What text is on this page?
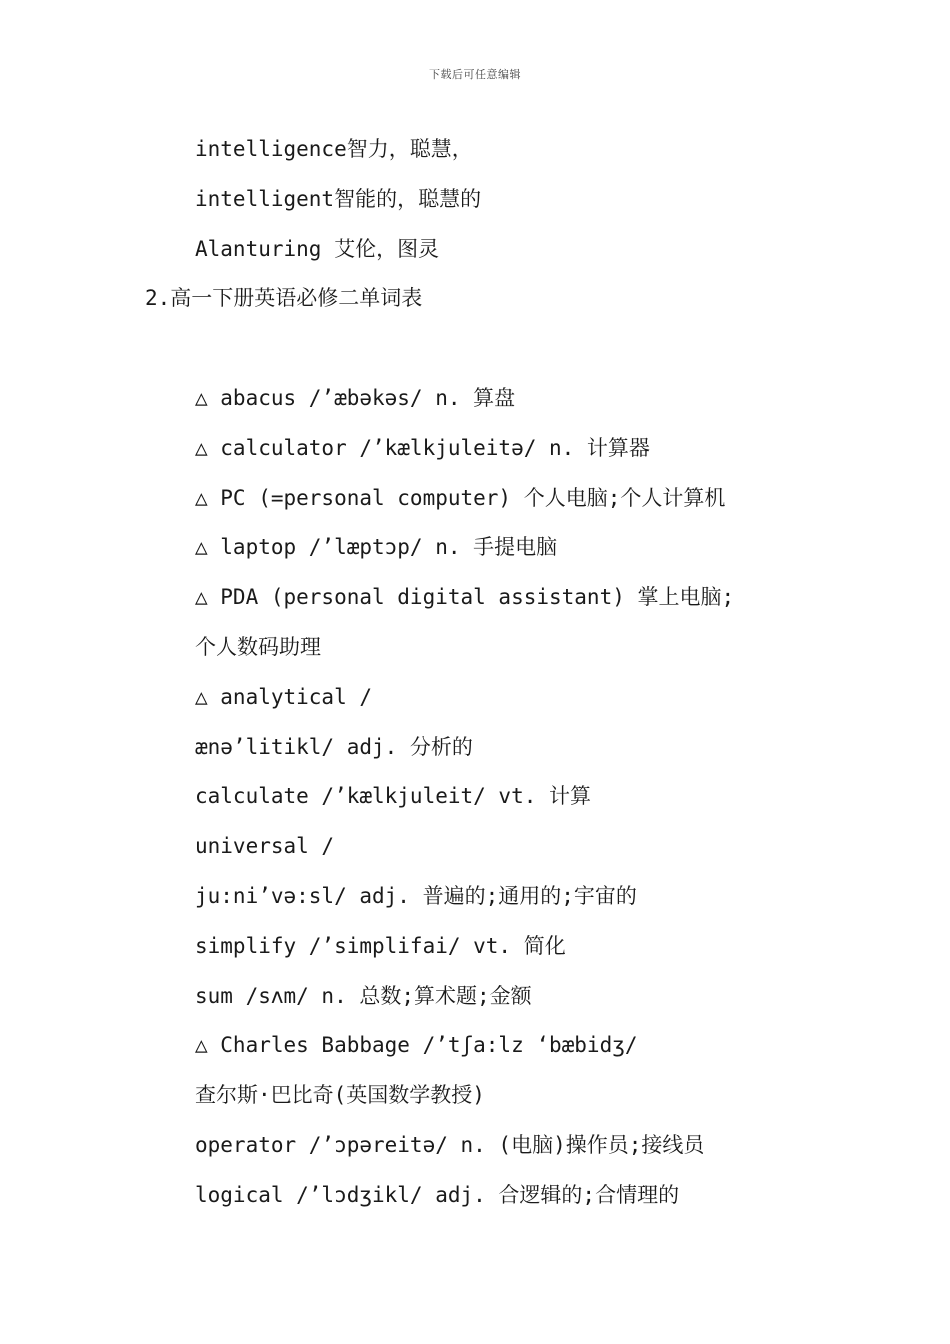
下载后可任意编辑
intelligence智力，聪慧，
intelligent智能的，聪慧的
Alanturing 艾伦，图灵
2.高一下册英语必修二单词表
△ abacus /’æbəkəs/ n. 算盘
△ calculator /’kælkjuleitə/ n. 计算器
△ PC (=personal computer) 个人电脑;个人计算机
△ laptop /’læptɔp/ n. 手提电脑
△ PDA (personal digital assistant) 掌上电脑;
个人数码助理
△ analytical /
ænə’litikl/ adj. 分析的
calculate /’kælkjuleit/ vt. 计算
universal /
ju:ni’və:sl/ adj. 普遍的;通用的;宇宙的
simplify /’simplifai/ vt. 简化
sum /sʌm/ n. 总数;算术题;金额
△ Charles Babbage /’tʃa:lz ‘bæbidʒ/
查尔斯·巴比奇(英国数学教授)
operator /’ɔpəreitə/ n. (电脑)操作员;接线员
logical /’lɔdʒikl/ adj. 合逻辑的;合情理的
